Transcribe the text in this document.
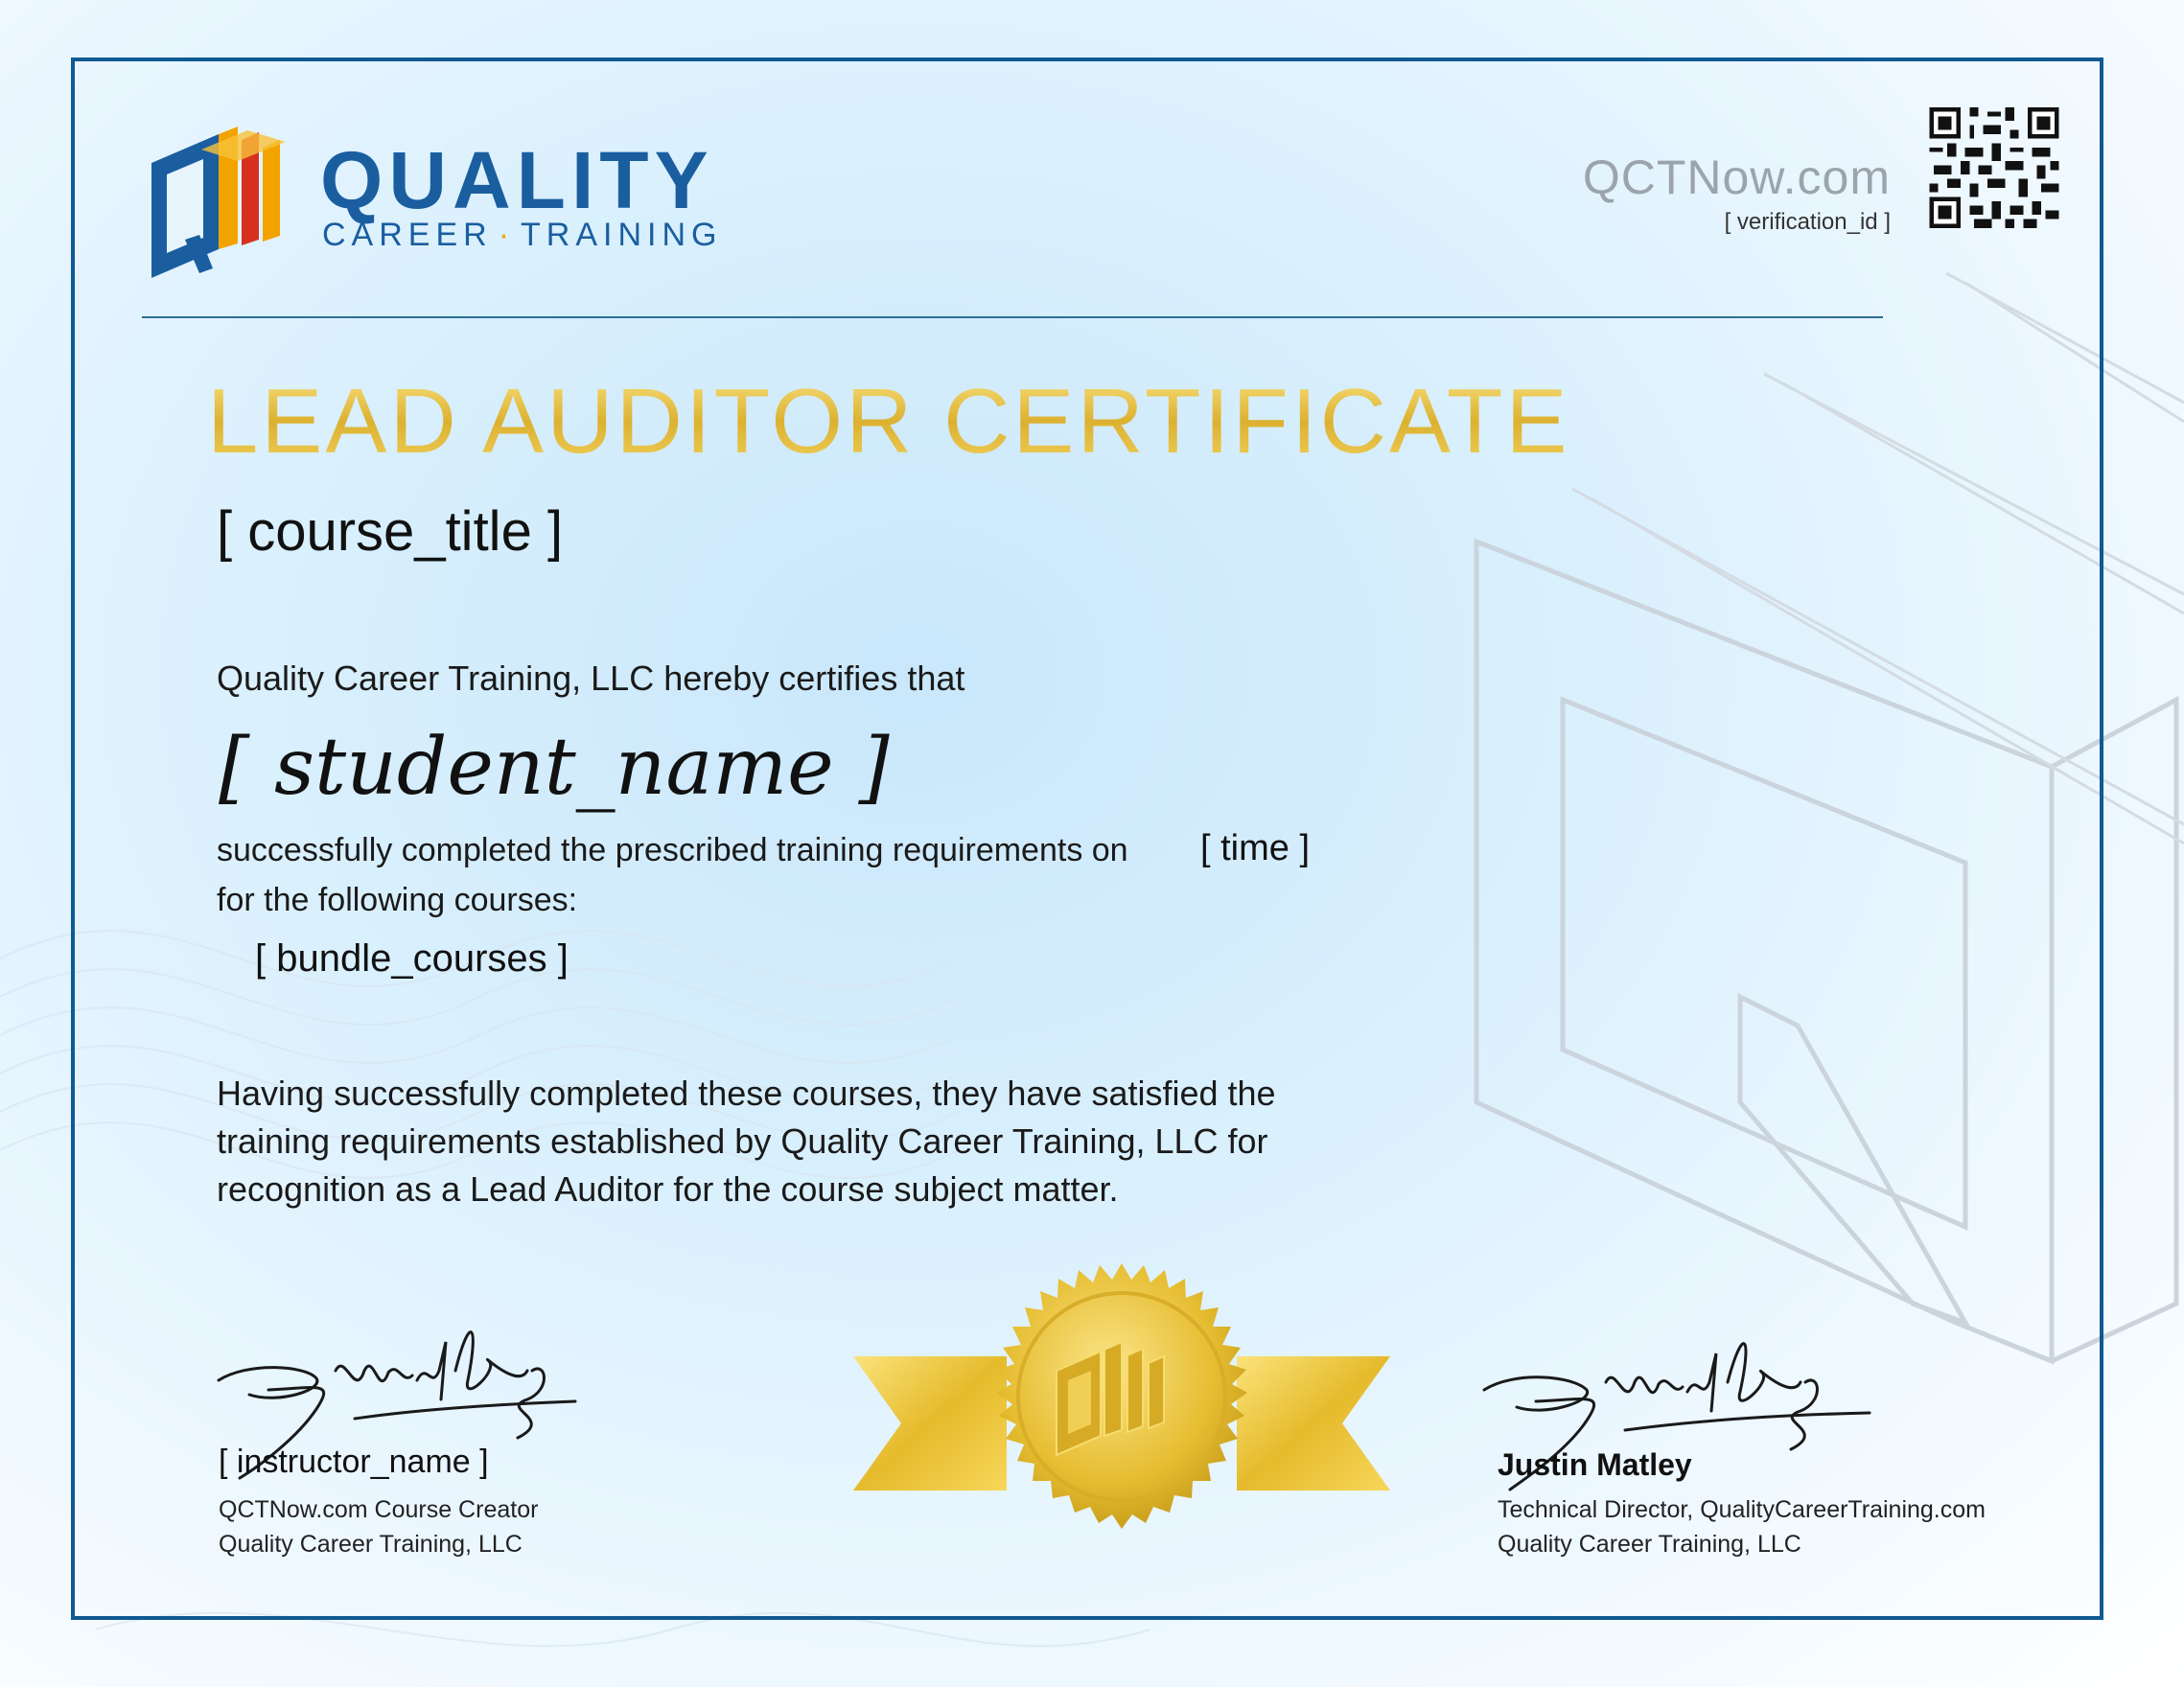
QUALITY
CAREER · TRAINING
QCTNow.com
[ verification_id ]
LEAD AUDITOR CERTIFICATE
[ course_title ]
Quality Career Training, LLC hereby certifies that
[ student_name ]
successfully completed the prescribed training requirements on [ time ]
for the following courses:
[ bundle_courses ]
Having successfully completed these courses, they have satisfied the
training requirements established by Quality Career Training, LLC for
recognition as a Lead Auditor for the course subject matter.
[ instructor_name ]
QCTNow.com Course Creator
Quality Career Training, LLC
Justin Matley
Technical Director, QualityCareerTraining.com
Quality Career Training, LLC
